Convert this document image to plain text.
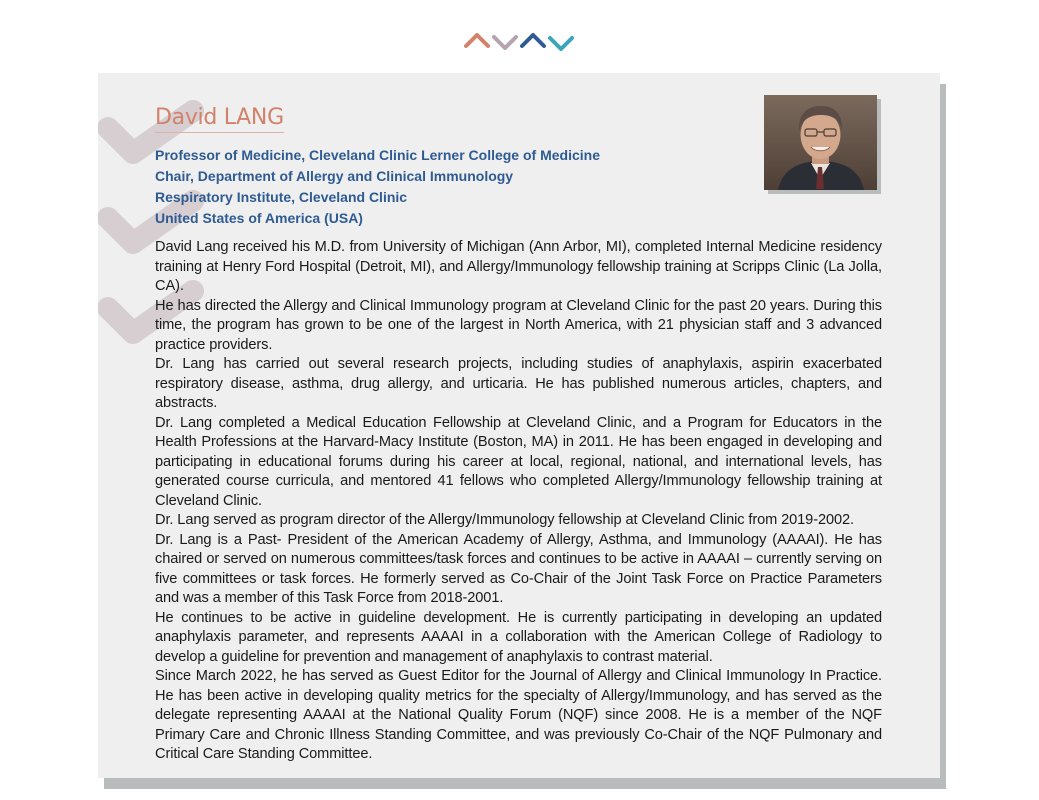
David LANG
Professor of Medicine, Cleveland Clinic Lerner College of Medicine
Chair, Department of Allergy and Clinical Immunology
Respiratory Institute, Cleveland Clinic
United States of America (USA)

David Lang received his M.D. from University of Michigan (Ann Arbor, MI), completed Internal Medicine residency training at Henry Ford Hospital (Detroit, MI), and Allergy/Immunology fellowship training at Scripps Clinic (La Jolla, CA).

He has directed the Allergy and Clinical Immunology program at Cleveland Clinic for the past 20 years. During this time, the program has grown to be one of the largest in North America, with 21 physician staff and 3 advanced practice providers.

Dr. Lang has carried out several research projects, including studies of anaphylaxis, aspirin exacerbated respiratory disease, asthma, drug allergy, and urticaria. He has published numerous articles, chapters, and abstracts.

Dr. Lang completed a Medical Education Fellowship at Cleveland Clinic, and a Program for Educators in the Health Professions at the Harvard-Macy Institute (Boston, MA) in 2011. He has been engaged in developing and participating in educational forums during his career at local, regional, national, and international levels, has generated course curricula, and mentored 41 fellows who completed Allergy/Immunology fellowship training at Cleveland Clinic.

Dr. Lang served as program director of the Allergy/Immunology fellowship at Cleveland Clinic from 2019-2002.

Dr. Lang is a Past- President of the American Academy of Allergy, Asthma, and Immunology (AAAAI). He has chaired or served on numerous committees/task forces and continues to be active in AAAAI – currently serving on five committees or task forces. He formerly served as Co-Chair of the Joint Task Force on Practice Parameters and was a member of this Task Force from 2018-2001.

He continues to be active in guideline development. He is currently participating in developing an updated anaphylaxis parameter, and represents AAAAI in a collaboration with the American College of Radiology to develop a guideline for prevention and management of anaphylaxis to contrast material.

Since March 2022, he has served as Guest Editor for the Journal of Allergy and Clinical Immunology In Practice. He has been active in developing quality metrics for the specialty of Allergy/Immunology, and has served as the delegate representing AAAAI at the National Quality Forum (NQF) since 2008. He is a member of the NQF Primary Care and Chronic Illness Standing Committee, and was previously Co-Chair of the NQF Pulmonary and Critical Care Standing Committee.
